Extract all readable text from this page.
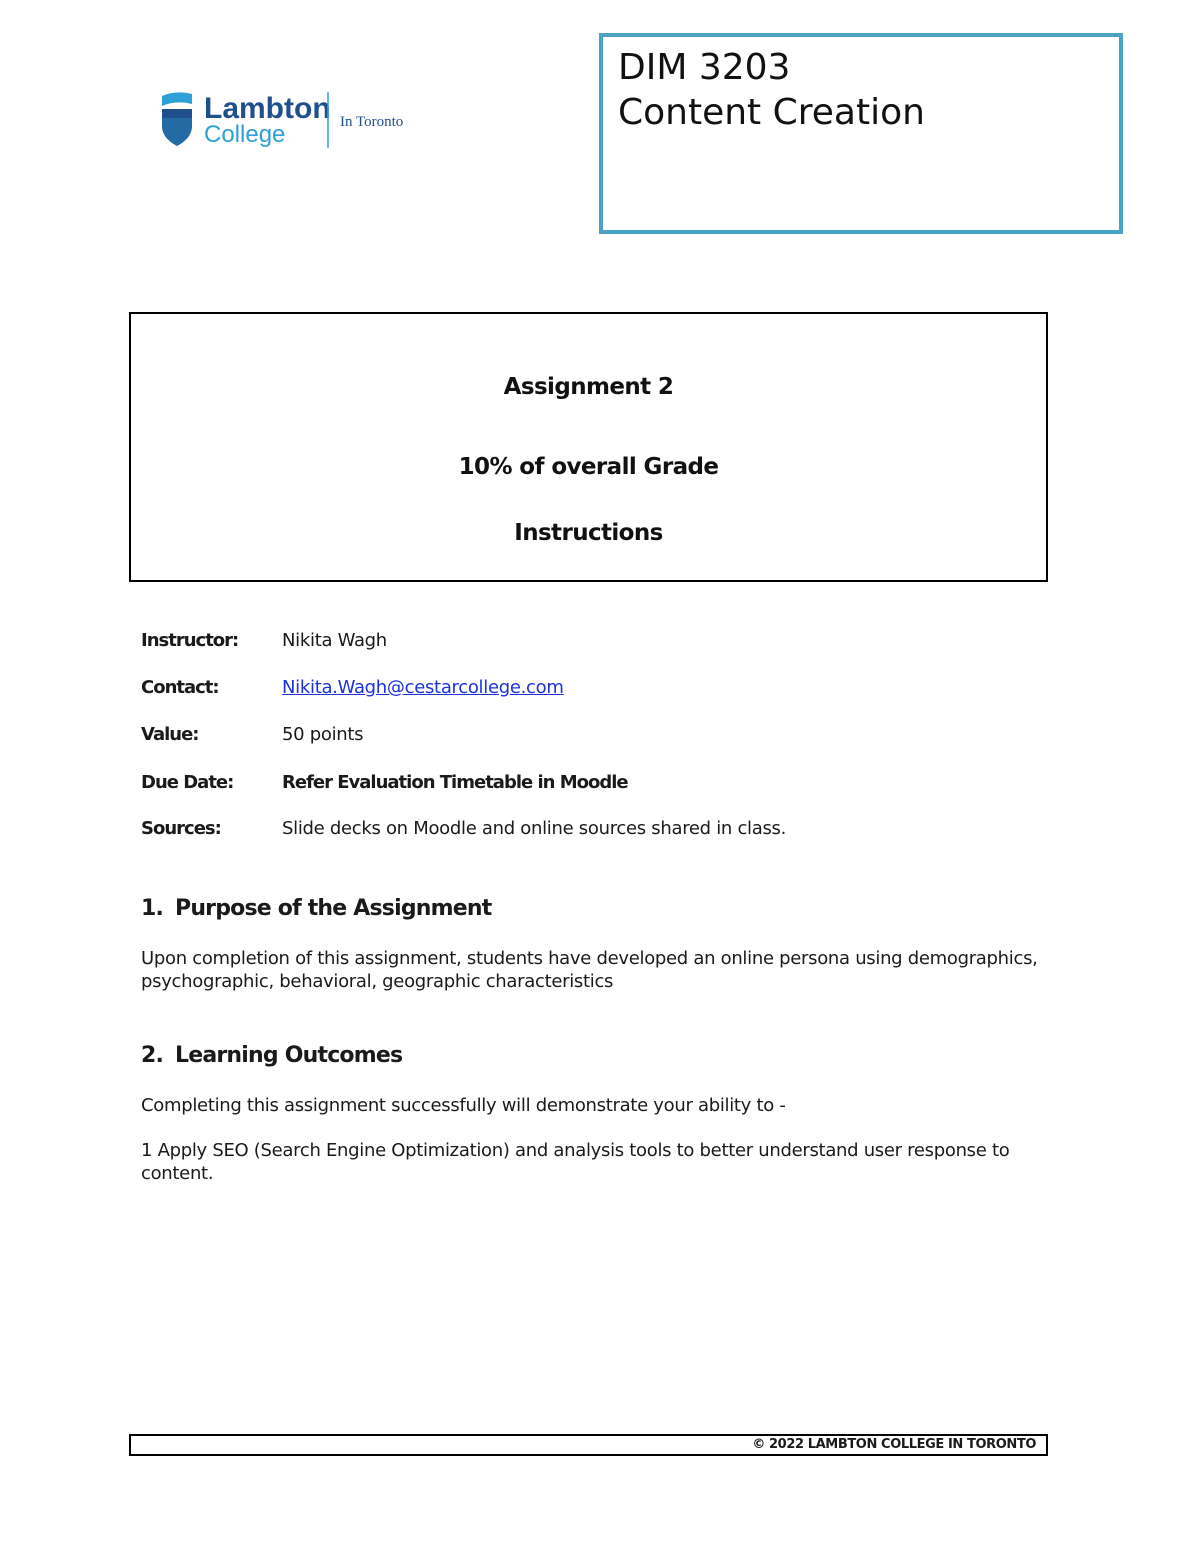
Lambton
College	In Toronto
DIM 3203
Content Creation
Assignment 2
10% of overall Grade
Instructions
Instructor: Nikita Wagh
Contact:	Nikita.Wagh@cestarcollege.com
Value:	50 points
Due Date:	Refer Evaluation Timetable in Moodle
Sources:	Slide decks on Moodle and online sources shared in class.
1. Purpose of the Assignment
Upon completion of this assignment, students have developed an online persona using demographics, psychographic, behavioral, geographic characteristics
2. Learning Outcomes
Completing this assignment successfully will demonstrate your ability to -
1 Apply SEO (Search Engine Optimization) and analysis tools to better understand user response to content.
© 2022 LAMBTON COLLEGE IN TORONTO
